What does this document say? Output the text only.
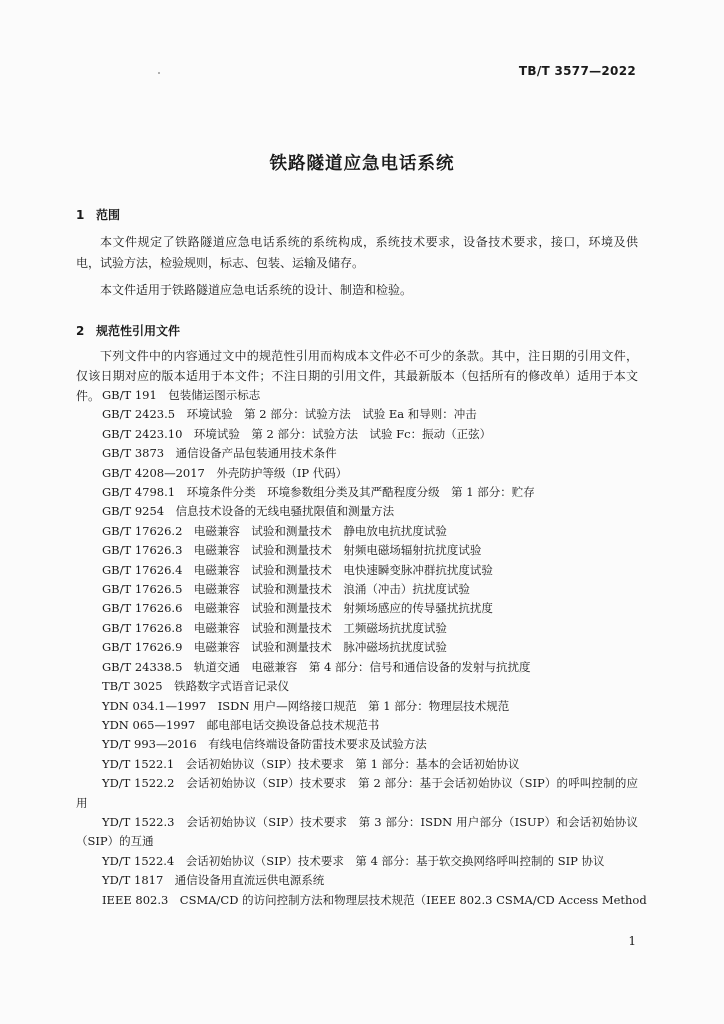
TB/T 3577—2022
铁路隧道应急电话系统
1 范围

本文件规定了铁路隧道应急电话系统的系统构成，系统技术要求，设备技术要求，接口，环境及供电，试验方法，检验规则，标志、包装、运输及储存。

本文件适用于铁路隧道应急电话系统的设计、制造和检验。

2 规范性引用文件

下列文件中的内容通过文中的规范性引用而构成本文件必不可少的条款。其中，注日期的引用文件，仅该日期对应的版本适用于本文件；不注日期的引用文件，其最新版本（包括所有的修改单）适用于本文件。 GB/T 191　包装储运图示标志
GB/T 2423.5　环境试验　第 2 部分：试验方法　试验 Ea 和导则：冲击
GB/T 2423.10　环境试验　第 2 部分：试验方法　试验 Fc：振动（正弦）
GB/T 3873　通信设备产品包装通用技术条件
GB/T 4208—2017　外壳防护等级（IP 代码）
GB/T 4798.1　环境条件分类　环境参数组分类及其严酷程度分级　第 1 部分：贮存
GB/T 9254　信息技术设备的无线电骚扰限值和测量方法
GB/T 17626.2　电磁兼容　试验和测量技术　静电放电抗扰度试验
GB/T 17626.3　电磁兼容　试验和测量技术　射频电磁场辐射抗扰度试验
GB/T 17626.4　电磁兼容　试验和测量技术　电快速瞬变脉冲群抗扰度试验
GB/T 17626.5　电磁兼容　试验和测量技术　浪涌（冲击）抗扰度试验
GB/T 17626.6　电磁兼容　试验和测量技术　射频场感应的传导骚扰抗扰度
GB/T 17626.8　电磁兼容　试验和测量技术　工频磁场抗扰度试验
GB/T 17626.9　电磁兼容　试验和测量技术　脉冲磁场抗扰度试验
GB/T 24338.5　轨道交通　电磁兼容　第 4 部分：信号和通信设备的发射与抗扰度
TB/T 3025　铁路数字式语音记录仪
YDN 034.1—1997　ISDN 用户—网络接口规范　第 1 部分：物理层技术规范
YDN 065—1997　邮电部电话交换设备总技术规范书
YD/T 993—2016　有线电信终端设备防雷技术要求及试验方法
YD/T 1522.1　会话初始协议（SIP）技术要求　第 1 部分：基本的会话初始协议
YD/T 1522.2　会话初始协议（SIP）技术要求　第 2 部分：基于会话初始协议（SIP）的呼叫控制的应用
YD/T 1522.3　会话初始协议（SIP）技术要求　第 3 部分：ISDN 用户部分（ISUP）和会话初始协议（SIP）的互通
YD/T 1522.4　会话初始协议（SIP）技术要求　第 4 部分：基于软交换网络呼叫控制的 SIP 协议
YD/T 1817　通信设备用直流远供电源系统
IEEE 802.3　CSMA/CD 的访问控制方法和物理层技术规范（IEEE 802.3 CSMA/CD Access Method
1
